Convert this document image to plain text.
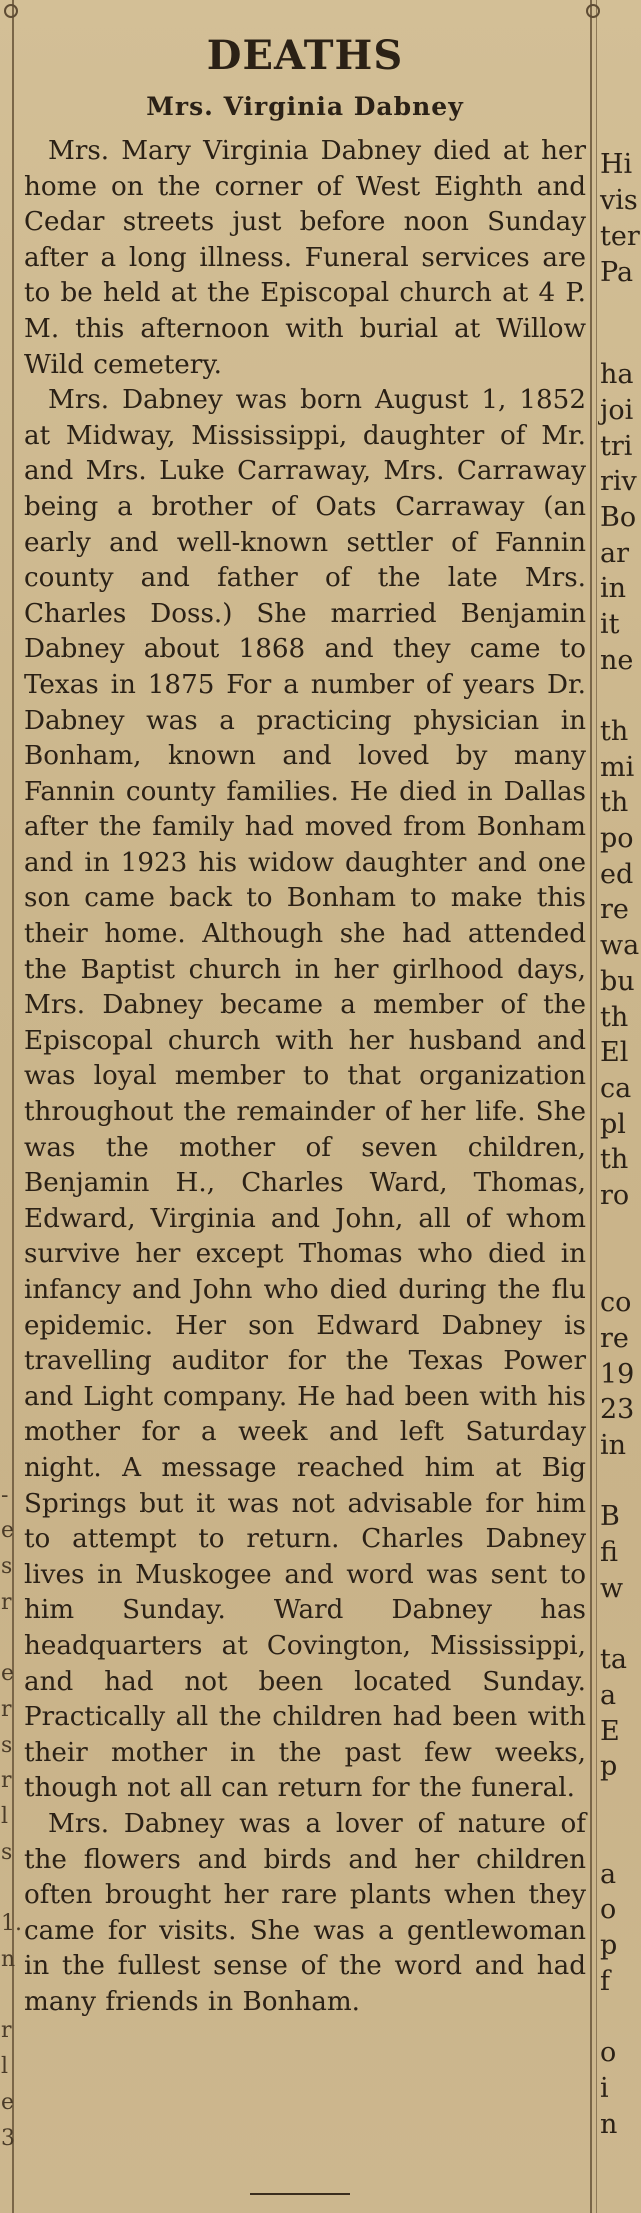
-
e
s
r
e
r
s
r
l
s
1.
n
r
l
e
3
Hi
vis
ter
Pa
ha
joi
tri
riv
Bo
ar
in
it
ne
th
mi
th
po
ed
re
wa
bu
th
El
ca
pl
th
ro
co
re
19
23
in
B
fi
w
ta
a
E
p
a
o
p
f
o
i
n
DEATHS
Mrs. Virginia Dabney

Mrs. Mary Virginia Dabney died at her home on the corner of West Eighth and Cedar streets just before noon Sunday after a long illness. Funeral services are to be held at the Episcopal church at 4 P. M. this afternoon with burial at Willow Wild cemetery.

Mrs. Dabney was born August 1, 1852 at Midway, Mississippi, daughter of Mr. and Mrs. Luke Carraway, Mrs. Carraway being a brother of Oats Carraway (an early and well-known settler of Fannin county and father of the late Mrs. Charles Doss.) She married Benjamin Dabney about 1868 and they came to Texas in 1875 For a number of years Dr. Dabney was a practicing physician in Bonham, known and loved by many Fannin county families. He died in Dallas after the family had moved from Bonham and in 1923 his widow daughter and one son came back to Bonham to make this their home. Although she had attended the Baptist church in her girlhood days, Mrs. Dabney became a member of the Episcopal church with her husband and was loyal member to that organization throughout the remainder of her life. She was the mother of seven children, Benjamin H., Charles Ward, Thomas, Edward, Virginia and John, all of whom survive her except Thomas who died in infancy and John who died during the flu epidemic. Her son Edward Dabney is travelling auditor for the Texas Power and Light company. He had been with his mother for a week and left Saturday night. A message reached him at Big Springs but it was not advisable for him to attempt to return. Charles Dabney lives in Muskogee and word was sent to him Sunday. Ward Dabney has headquarters at Covington, Mississippi, and had not been located Sunday. Practically all the children had been with their mother in the past few weeks, though not all can return for the funeral.

Mrs. Dabney was a lover of nature of the flowers and birds and her children often brought her rare plants when they came for visits. She was a gentlewoman in the fullest sense of the word and had many friends in Bonham.
